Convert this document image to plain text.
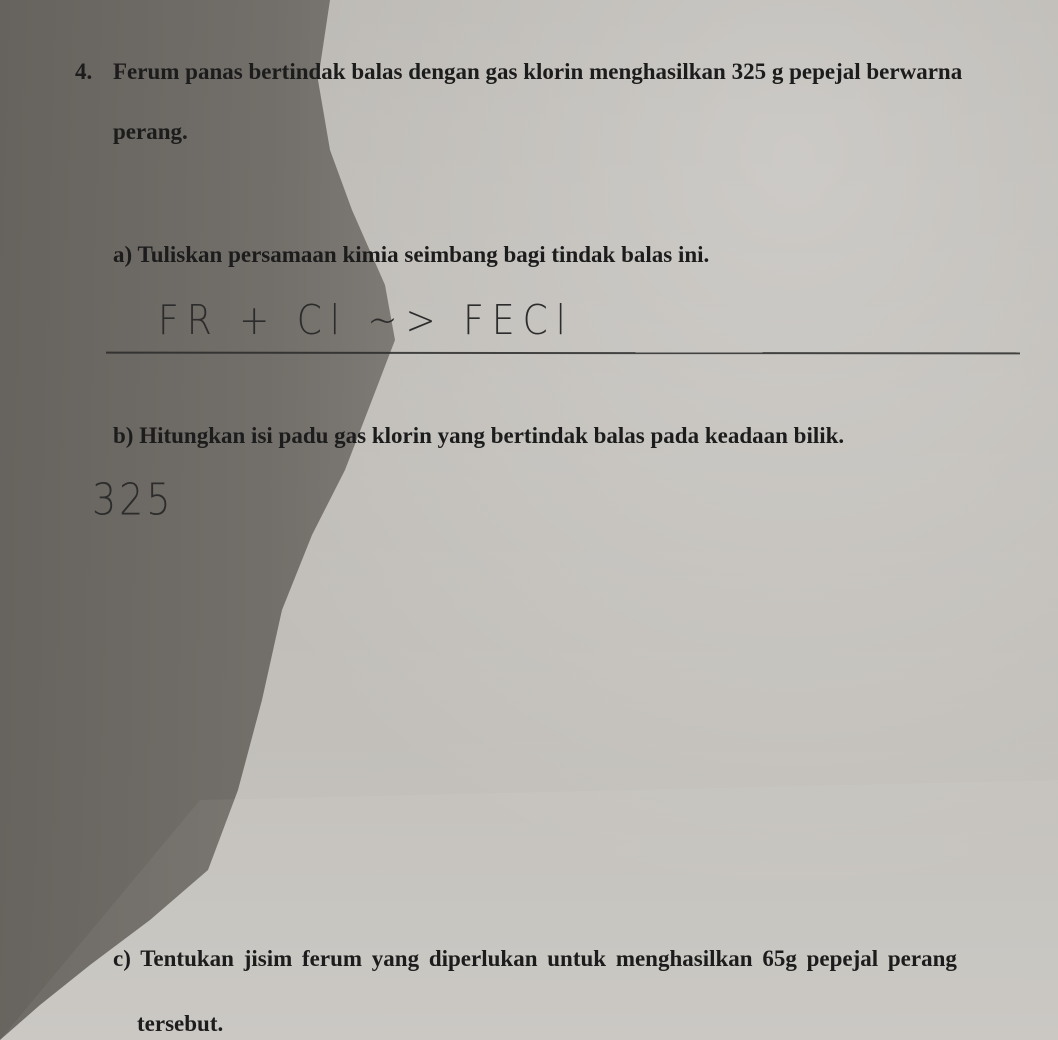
4. Ferum panas bertindak balas dengan gas klorin menghasilkan 325 g pepejal berwarna
perang.
a) Tuliskan persamaan kimia seimbang bagi tindak balas ini.
FR + Cl ~> FECl
b) Hitungkan isi padu gas klorin yang bertindak balas pada keadaan bilik.
325
c) Tentukan jisim ferum yang diperlukan untuk menghasilkan 65g pepejal perang
tersebut.
